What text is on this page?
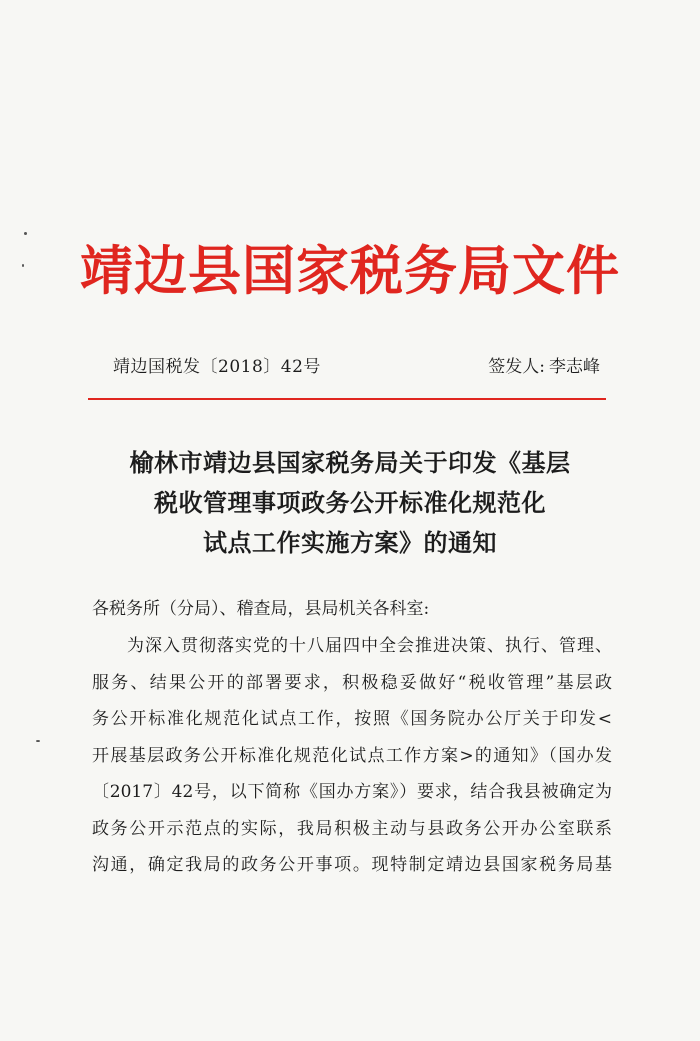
靖边县国家税务局文件
靖边国税发〔2018〕42号	签发人: 李志峰
榆林市靖边县国家税务局关于印发《基层
税收管理事项政务公开标准化规范化
试点工作实施方案》的通知
各税务所（分局）、稽查局，县局机关各科室:
为深入贯彻落实党的十八届四中全会推进决策、执行、管理、
服务、结果公开的部署要求，积极稳妥做好“税收管理”基层政
务公开标准化规范化试点工作，按照《国务院办公厅关于印发<
开展基层政务公开标准化规范化试点工作方案>的通知》（国办发
〔2017〕42号，以下简称《国办方案》）要求，结合我县被确定为
政务公开示范点的实际，我局积极主动与县政务公开办公室联系
沟通，确定我局的政务公开事项。现特制定靖边县国家税务局基
